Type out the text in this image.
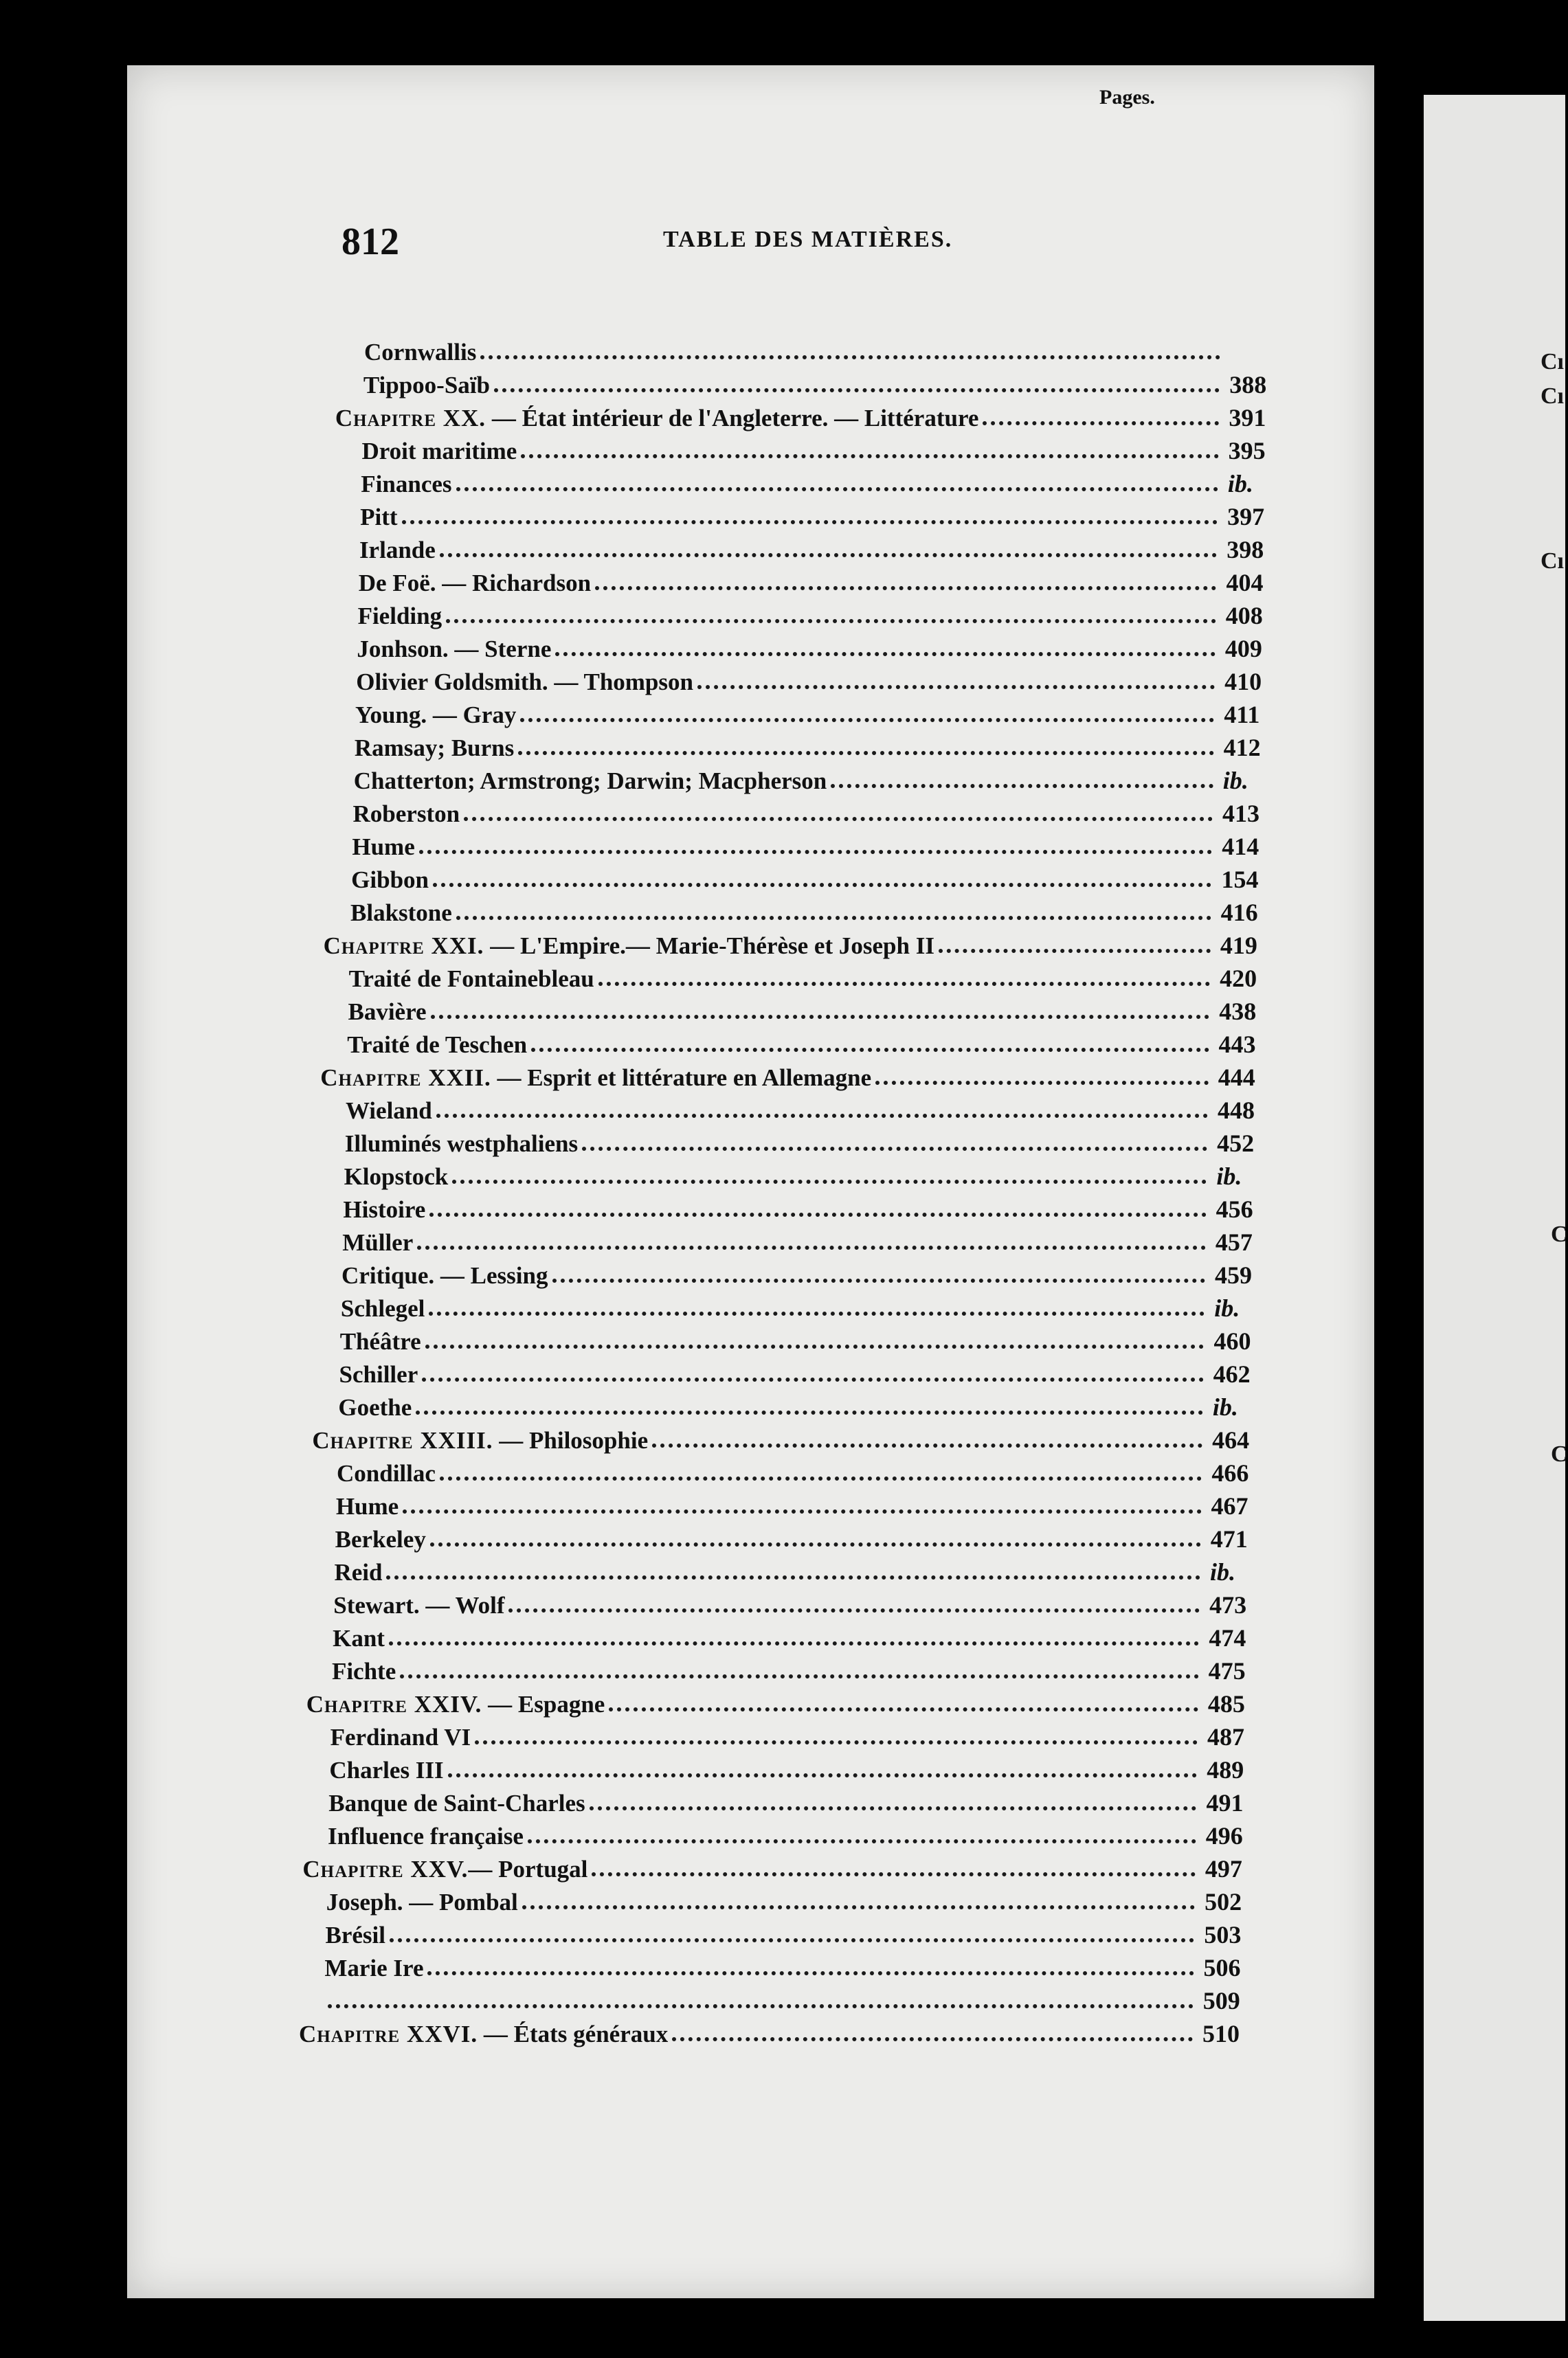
Cı
Cı
Cı
C
C
812	TABLE DES MATIÈRES.
Pages.
Cornwallis
Tippoo-Saïb	388
Chapitre XX. — État intérieur de l'Angleterre. — Littérature	391
Droit maritime	395
Finances	ib.
Pitt	397
Irlande	398
De Foë. — Richardson	404
Fielding	408
Jonhson. — Sterne	409
Olivier Goldsmith. — Thompson	410
Young. — Gray	411
Ramsay; Burns	412
Chatterton; Armstrong; Darwin; Macpherson	ib.
Roberston	413
Hume	414
Gibbon	154
Blakstone	416
Chapitre XXI. — L'Empire.— Marie-Thérèse et Joseph II	419
Traité de Fontainebleau	420
Bavière	438
Traité de Teschen	443
Chapitre XXII. — Esprit et littérature en Allemagne	444
Wieland	448
Illuminés westphaliens	452
Klopstock	ib.
Histoire	456
Müller	457
Critique. — Lessing	459
Schlegel	ib.
Théâtre	460
Schiller	462
Goethe	ib.
Chapitre XXIII. — Philosophie	464
Condillac	466
Hume	467
Berkeley	471
Reid	ib.
Stewart. — Wolf	473
Kant	474
Fichte	475
Chapitre XXIV. — Espagne	485
Ferdinand VI	487
Charles III	489
Banque de Saint-Charles	491
Influence française	496
Chapitre XXV.— Portugal	497
Joseph. — Pombal	502
Brésil	503
Marie Ire	506
509
Chapitre XXVI. — États généraux	510
